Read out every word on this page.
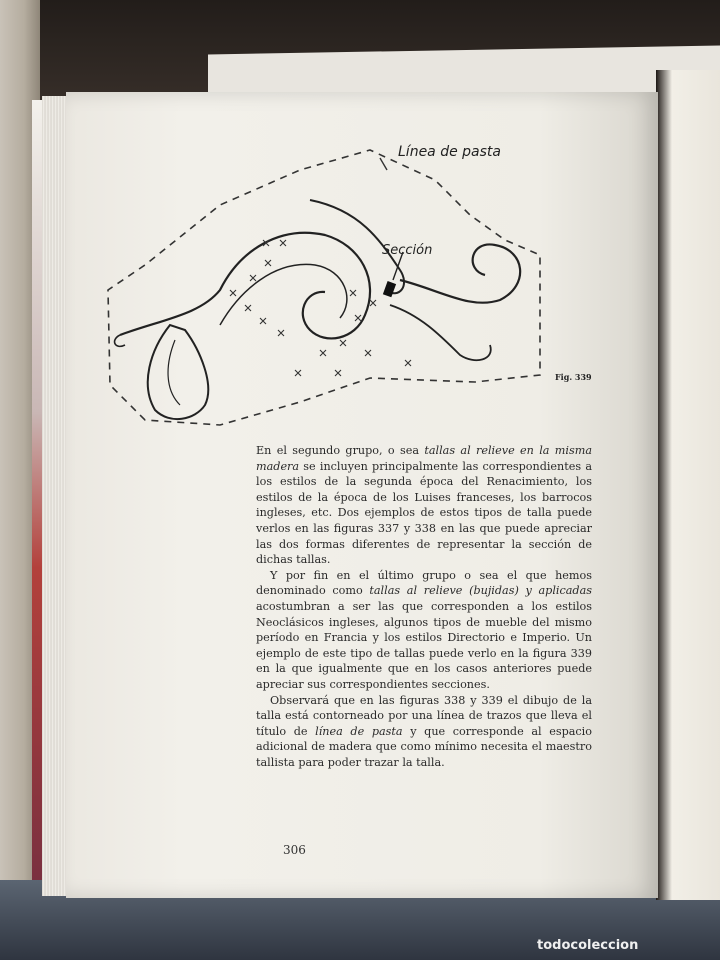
Línea de pasta
Sección
Fig. 339

En el segundo grupo, o sea tallas al relieve en la misma madera se incluyen principalmente las correspondientes a los estilos de la segunda época del Renacimiento, los estilos de la época de los Luises franceses, los barrocos ingleses, etc. Dos ejemplos de estos tipos de talla puede verlos en las figuras 337 y 338 en las que puede apreciar las dos formas diferentes de representar la sección de dichas tallas.

Y por fin en el último grupo o sea el que hemos denominado como tallas al relieve (bujidas) y aplicadas acostumbran a ser las que corresponden a los estilos Neoclásicos ingleses, algunos tipos de mueble del mismo período en Francia y los estilos Directorio e Imperio. Un ejemplo de este tipo de tallas puede verlo en la figura 339 en la que igualmente que en los casos anteriores puede apreciar sus correspondientes secciones.

Observará que en las figuras 338 y 339 el dibujo de la talla está contorneado por una línea de trazos que lleva el título de línea de pasta y que corresponde al espacio adicional de madera que como mínimo necesita el maestro tallista para poder trazar la talla.

306
todocoleccion
